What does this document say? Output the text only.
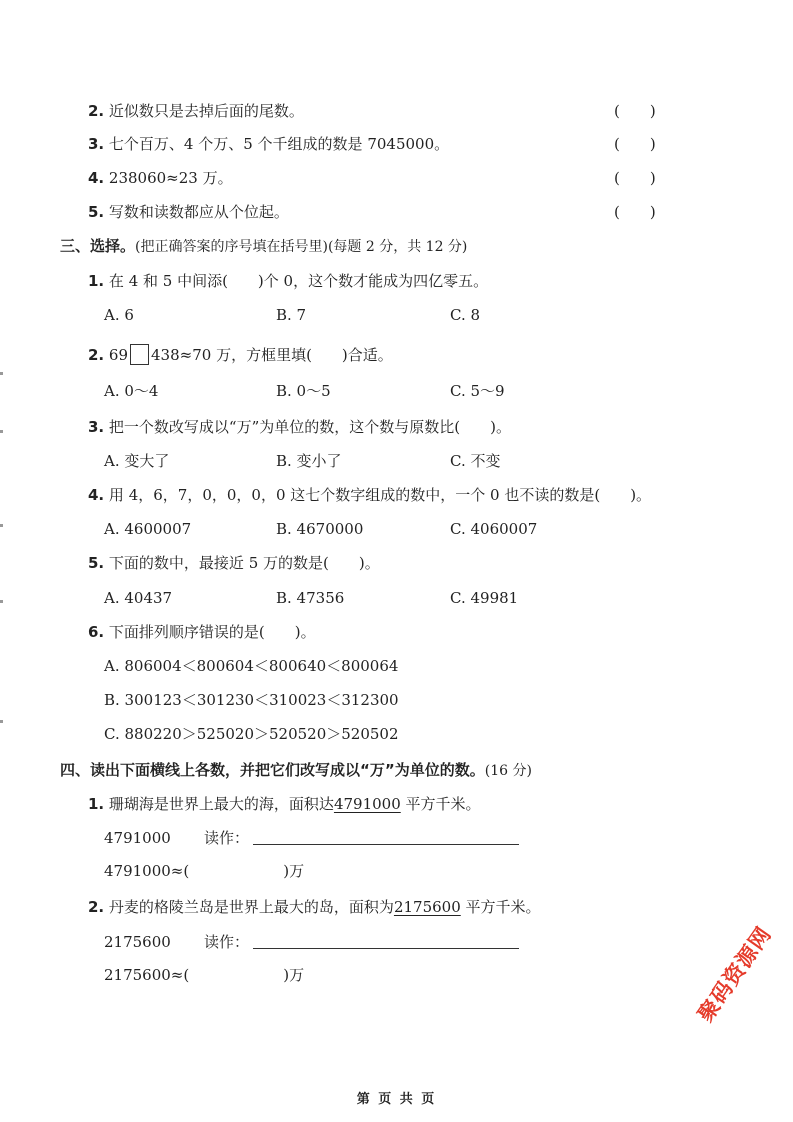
2. 近似数只是去掉后面的尾数。	(　　)
3. 七个百万、4 个万、5 个千组成的数是 7045000。	(　　)
4. 238060≈23 万。	(　　)
5. 写数和读数都应从个位起。	(　　)
三、选择。(把正确答案的序号填在括号里)(每题 2 分，共 12 分)
1. 在 4 和 5 中间添(　　)个 0，这个数才能成为四亿零五。
A. 6	B. 7	C. 8
2. 69 438≈70 万，方框里填(　　)合适。
A. 0～4	B. 0～5	C. 5～9
3. 把一个数改写成以“万”为单位的数，这个数与原数比(　　)。
A. 变大了	B. 变小了	C. 不变
4. 用 4，6，7，0，0，0，0 这七个数字组成的数中，一个 0 也不读的数是(　　)。
A. 4600007	B. 4670000	C. 4060007
5. 下面的数中，最接近 5 万的数是(　　)。
A. 40437	B. 47356	C. 49981
6. 下面排列顺序错误的是(　　)。
A. 806004＜800604＜800640＜800064
B. 300123＜301230＜310023＜312300
C. 880220＞525020＞520520＞520502
四、读出下面横线上各数，并把它们改写成以“万”为单位的数。(16 分)
1. 珊瑚海是世界上最大的海，面积达4791000 平方千米。
4791000 读作：
4791000≈(	)万
2. 丹麦的格陵兰岛是世界上最大的岛，面积为2175600 平方千米。
2175600 读作：
2175600≈(	)万	聚码资源网
第 页 共 页
